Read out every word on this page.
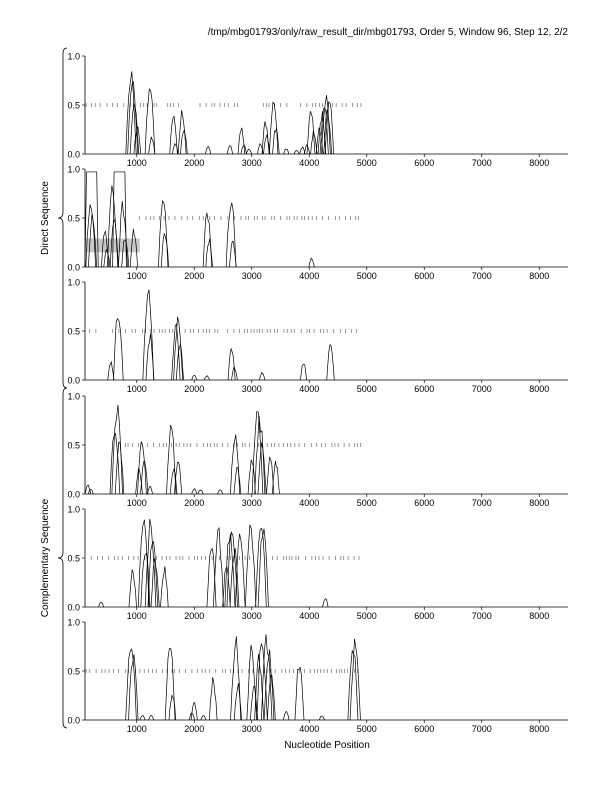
/tmp/mbg01793/only/raw_result_dir/mbg01793, Order 5, Window 96, Step 12, 2/2
0.0
0.5
1.0
1000	2000	3000	4000	5000	6000	7000	8000
0.0
0.5
1.0
1000	2000	3000	4000	5000	6000	7000	8000
0.0
0.5
1.0
1000	2000	3000	4000	5000	6000	7000	8000
0.0
0.5
1.0
1000	2000	3000	4000	5000	6000	7000	8000
0.0
0.5
1.0
1000	2000	3000	4000	5000	6000	7000	8000
0.0
0.5
1.0
1000	2000	3000	4000	5000	6000	7000	8000
Direct Sequence
Complementary Sequence
Nucleotide Position
